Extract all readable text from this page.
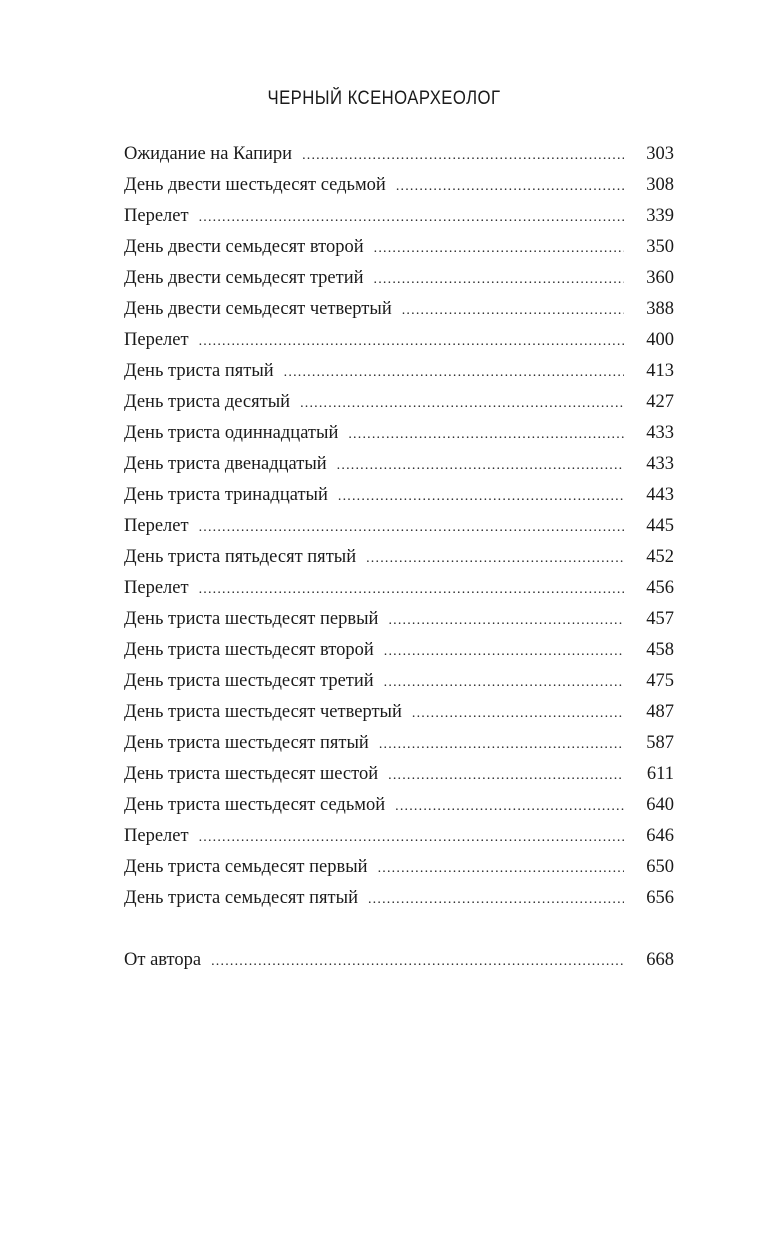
ЧЕРНЫЙ КСЕНОАРХЕОЛОГ
Ожидание на Капири .....	303
День двести шестьдесят седьмой .....	308
Перелет .....	339
День двести семьдесят второй .....	350
День двести семьдесят третий .....	360
День двести семьдесят четвертый .....	388
Перелет .....	400
День триста пятый .....	413
День триста десятый .....	427
День триста одиннадцатый .....	433
День триста двенадцатый .....	433
День триста тринадцатый .....	443
Перелет .....	445
День триста пятьдесят пятый .....	452
Перелет .....	456
День триста шестьдесят первый .....	457
День триста шестьдесят второй .....	458
День триста шестьдесят третий .....	475
День триста шестьдесят четвертый .....	487
День триста шестьдесят пятый .....	587
День триста шестьдесят шестой .....	611
День триста шестьдесят седьмой .....	640
Перелет .....	646
День триста семьдесят первый .....	650
День триста семьдесят пятый .....	656
От автора .....	668
